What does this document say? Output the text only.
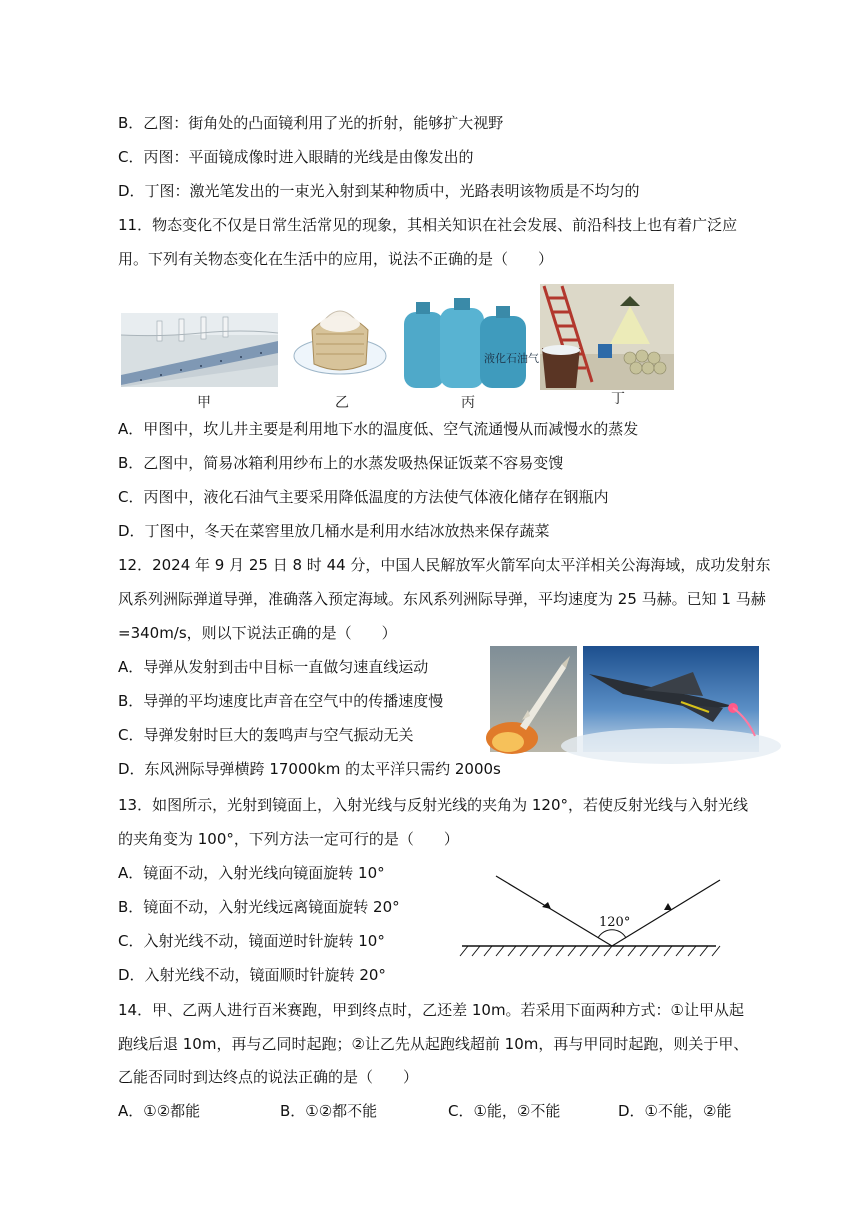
B．乙图：街角处的凸面镜利用了光的折射，能够扩大视野
C．丙图：平面镜成像时进入眼睛的光线是由像发出的
D．丁图：激光笔发出的一束光入射到某种物质中，光路表明该物质是不均匀的
11．物态变化不仅是日常生活常见的现象，其相关知识在社会发展、前沿科技上也有着广泛应
用。下列有关物态变化在生活中的应用，说法不正确的是（　　）
液化石油气
甲	乙	丙	丁
A．甲图中，坎儿井主要是利用地下水的温度低、空气流通慢从而减慢水的蒸发
B．乙图中，简易冰箱利用纱布上的水蒸发吸热保证饭菜不容易变馊
C．丙图中，液化石油气主要采用降低温度的方法使气体液化储存在钢瓶内
D．丁图中，冬天在菜窖里放几桶水是利用水结冰放热来保存蔬菜
12．2024 年 9 月 25 日 8 时 44 分，中国人民解放军火箭军向太平洋相关公海海域，成功发射东
风系列洲际弹道导弹，准确落入预定海域。东风系列洲际导弹，平均速度为 25 马赫。已知 1 马赫
=340m/s，则以下说法正确的是（　　）
A．导弹从发射到击中目标一直做匀速直线运动
B．导弹的平均速度比声音在空气中的传播速度慢
C．导弹发射时巨大的轰鸣声与空气振动无关
D．东风洲际导弹横跨 17000km 的太平洋只需约 2000s
13．如图所示，光射到镜面上，入射光线与反射光线的夹角为 120°，若使反射光线与入射光线
的夹角变为 100°，下列方法一定可行的是（　　）
A．镜面不动，入射光线向镜面旋转 10°
B．镜面不动，入射光线远离镜面旋转 20°
C．入射光线不动，镜面逆时针旋转 10°
D．入射光线不动，镜面顺时针旋转 20°
120°
14．甲、乙两人进行百米赛跑，甲到终点时，乙还差 10m。若采用下面两种方式：①让甲从起
跑线后退 10m，再与乙同时起跑；②让乙先从起跑线超前 10m，再与甲同时起跑，则关于甲、
乙能否同时到达终点的说法正确的是（　　）
A．①②都能	B．①②都不能	C．①能，②不能	D．①不能，②能
